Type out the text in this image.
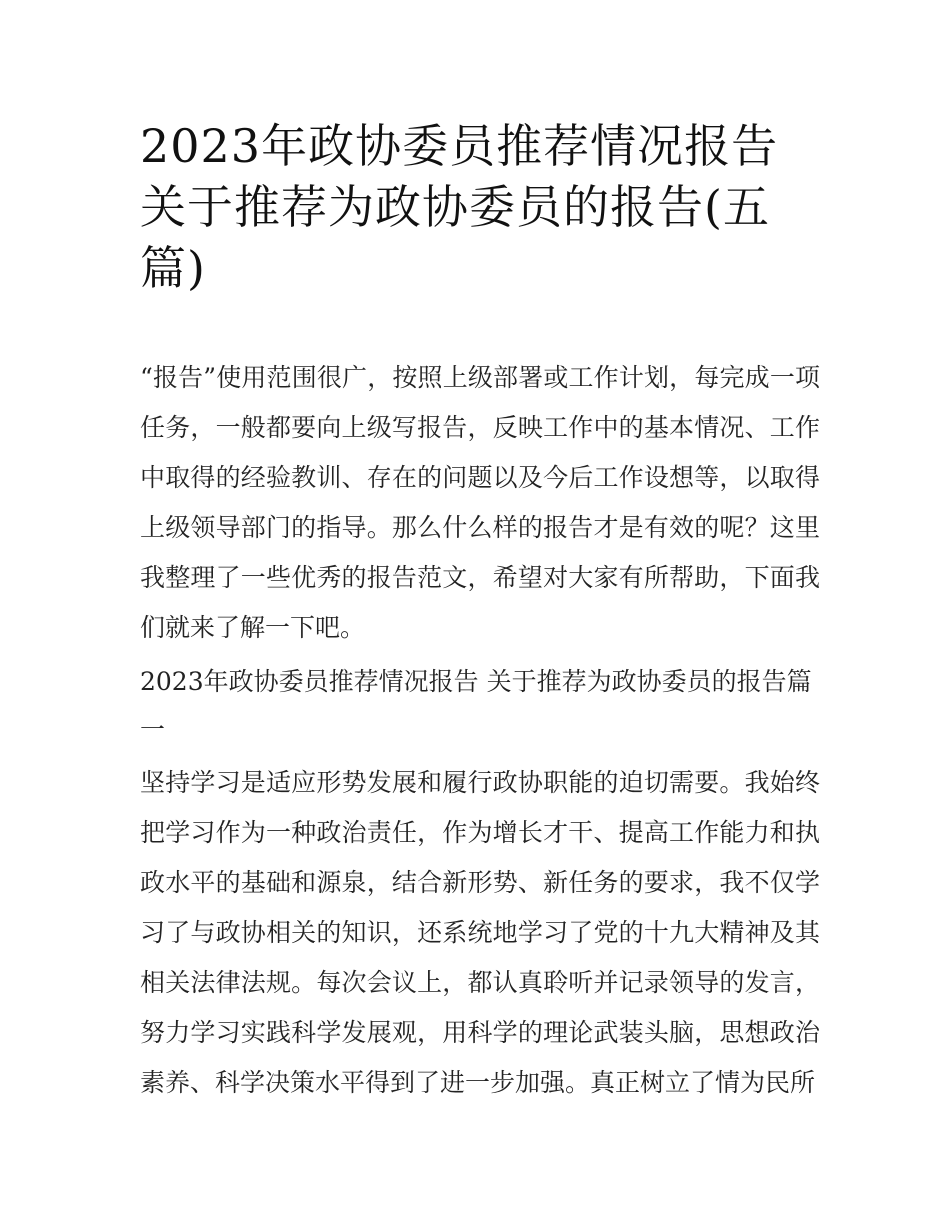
2023年政协委员推荐情况报告 关于推荐为政协委员的报告(五篇)

“报告”使用范围很广，按照上级部署或工作计划，每完成一项任务，一般都要向上级写报告，反映工作中的基本情况、工作中取得的经验教训、存在的问题以及今后工作设想等，以取得上级领导部门的指导。那么什么样的报告才是有效的呢？这里我整理了一些优秀的报告范文，希望对大家有所帮助，下面我们就来了解一下吧。

2023年政协委员推荐情况报告 关于推荐为政协委员的报告篇一

坚持学习是适应形势发展和履行政协职能的迫切需要。我始终把学习作为一种政治责任，作为增长才干、提高工作能力和执政水平的基础和源泉，结合新形势、新任务的要求，我不仅学习了与政协相关的知识，还系统地学习了党的十九大精神及其相关法律法规。每次会议上，都认真聆听并记录领导的发言，努力学习实践科学发展观，用科学的理论武装头脑，思想政治素养、科学决策水平得到了进一步加强。真正树立了情为民所
